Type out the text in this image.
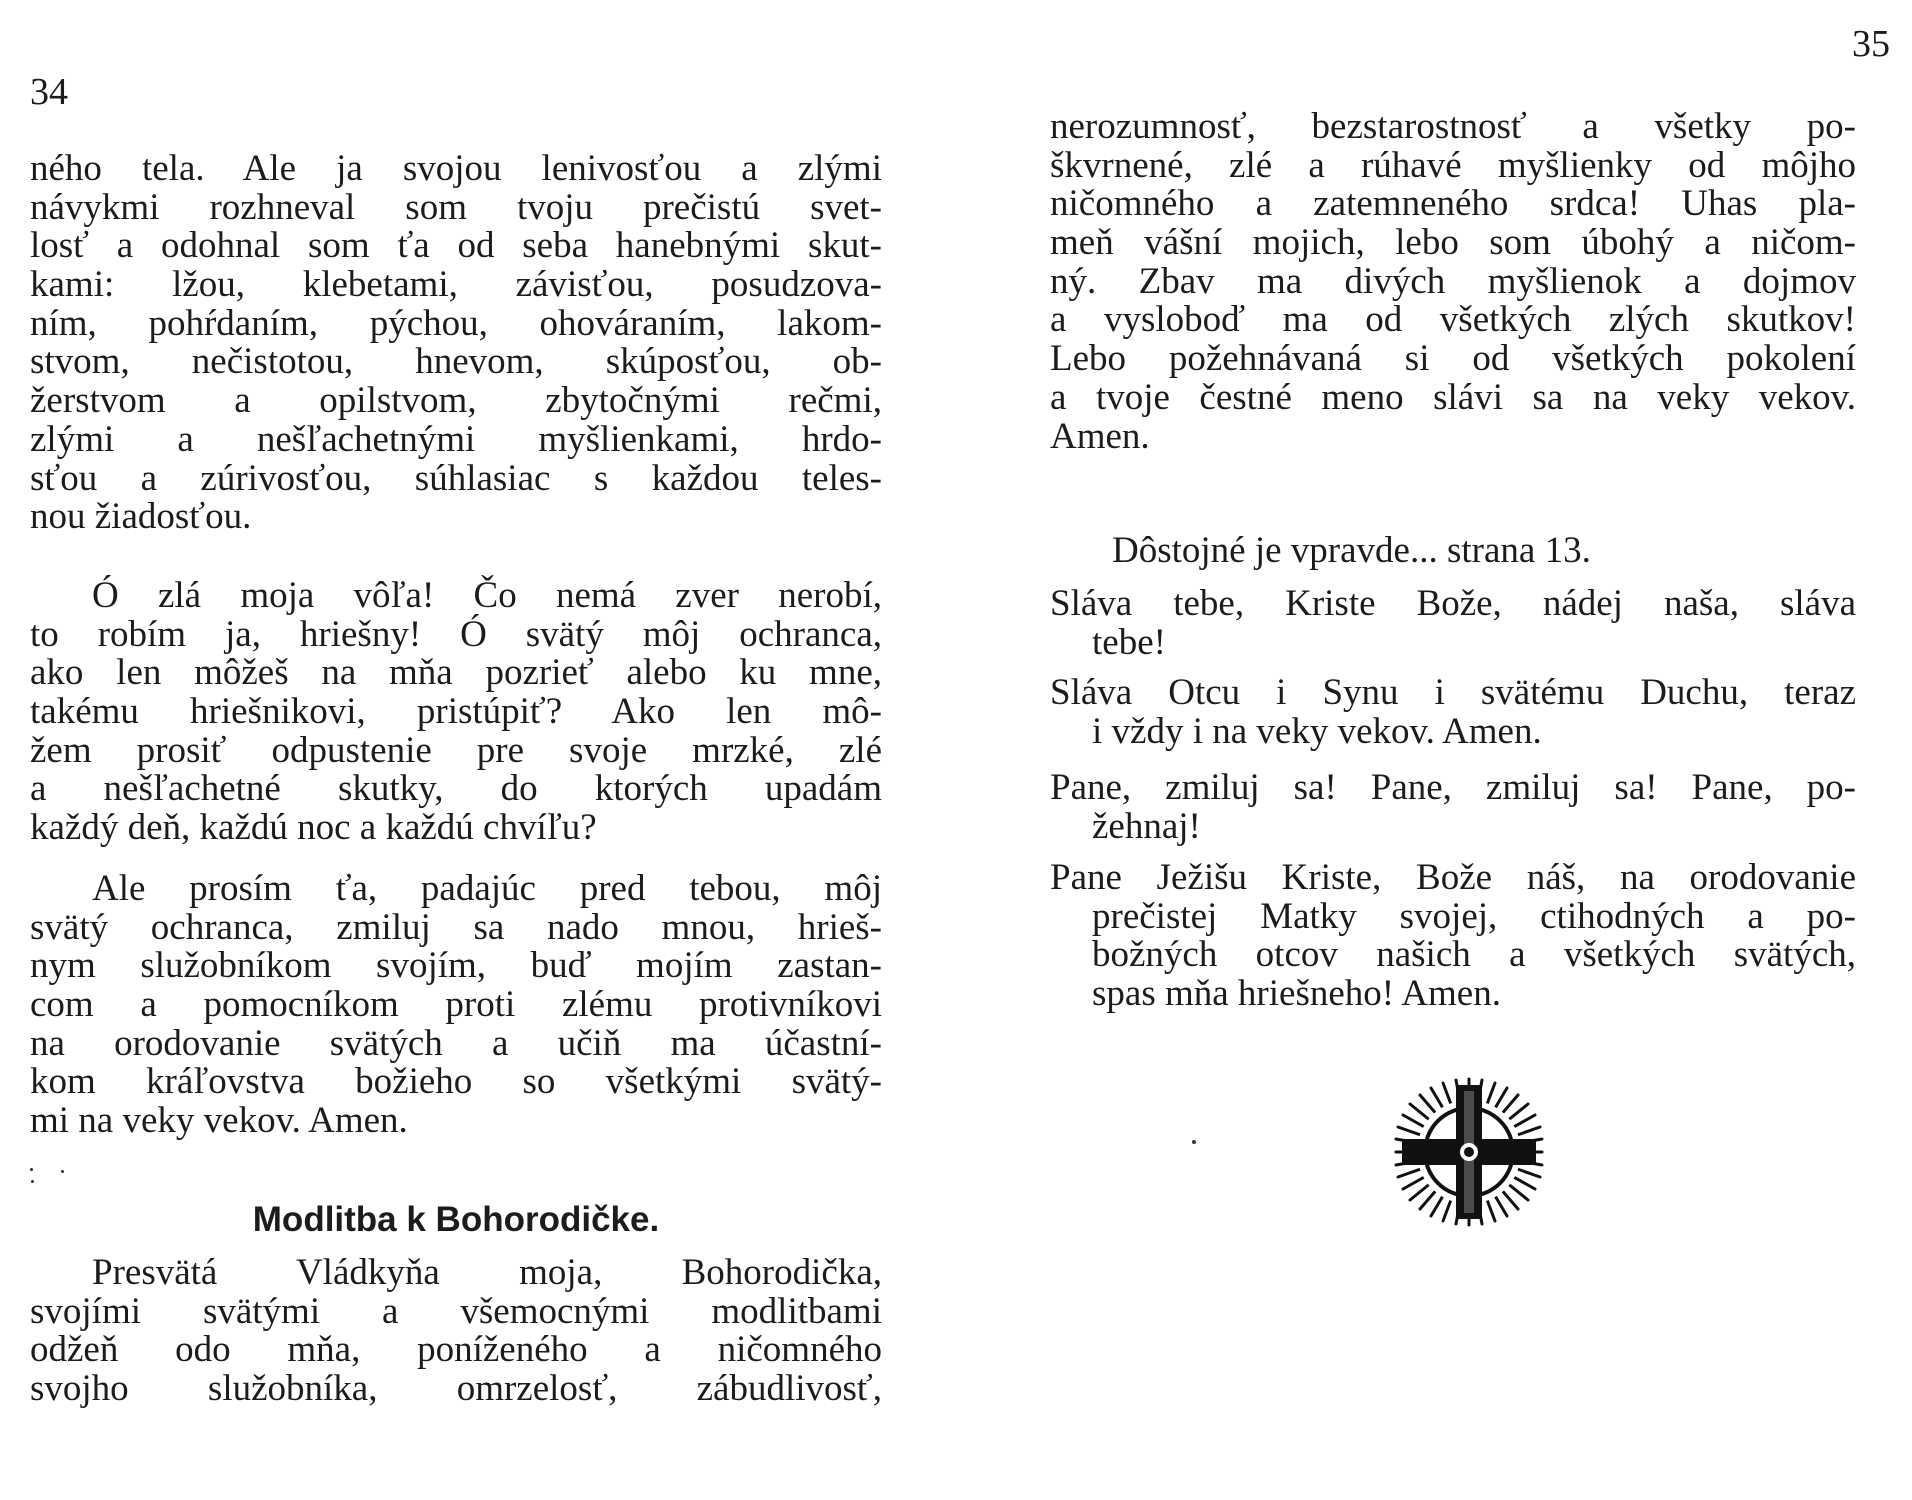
34
ného tela. Ale ja svojou lenivosťou a zlými
návykmi rozhneval som tvoju prečistú svet-
losť a odohnal som ťa od seba hanebnými skut-
kami: lžou, klebetami, závisťou, posudzova-
ním, pohŕdaním, pýchou, ohováraním, lakom-
stvom, nečistotou, hnevom, skúposťou, ob-
žerstvom a opilstvom, zbytočnými rečmi,
zlými a nešľachetnými myšlienkami, hrdo-
sťou a zúrivosťou, súhlasiac s každou teles-
nou žiadosťou.
Ó zlá moja vôľa! Čo nemá zver nerobí,
to robím ja, hriešny! Ó svätý môj ochranca,
ako len môžeš na mňa pozrieť alebo ku mne,
takému hriešnikovi, pristúpiť? Ako len mô-
žem prosiť odpustenie pre svoje mrzké, zlé
a nešľachetné skutky, do ktorých upadám
každý deň, každú noc a každú chvíľu?
Ale prosím ťa, padajúc pred tebou, môj
svätý ochranca, zmiluj sa nado mnou, hrieš-
nym služobníkom svojím, buď mojím zastan-
com a pomocníkom proti zlému protivníkovi
na orodovanie svätých a učiň ma účastní-
kom kráľovstva božieho so všetkými svätý-
mi na veky vekov. Amen.
Modlitba k Bohorodičke.
Presvätá Vládkyňa moja, Bohorodička,
svojími svätými a všemocnými modlitbami
odžeň odo mňa, poníženého a ničomného
svojho služobníka, omrzelosť, zábudlivosť,
35
nerozumnosť, bezstarostnosť a všetky po-
škvrnené, zlé a rúhavé myšlienky od môjho
ničomného a zatemneného srdca! Uhas pla-
meň vášní mojich, lebo som úbohý a ničom-
ný. Zbav ma divých myšlienok a dojmov
a vysloboď ma od všetkých zlých skutkov!
Lebo požehnávaná si od všetkých pokolení
a tvoje čestné meno slávi sa na veky vekov.
Amen.
Dôstojné je vpravde... strana 13.
Sláva tebe, Kriste Bože, nádej naša, sláva
tebe!
Sláva Otcu i Synu i svätému Duchu, teraz
i vždy i na veky vekov. Amen.
Pane, zmiluj sa! Pane, zmiluj sa! Pane, po-
žehnaj!
Pane Ježišu Kriste, Bože náš, na orodovanie
prečistej Matky svojej, ctihodných a po-
božných otcov našich a všetkých svätých,
spas mňa hriešneho! Amen.
